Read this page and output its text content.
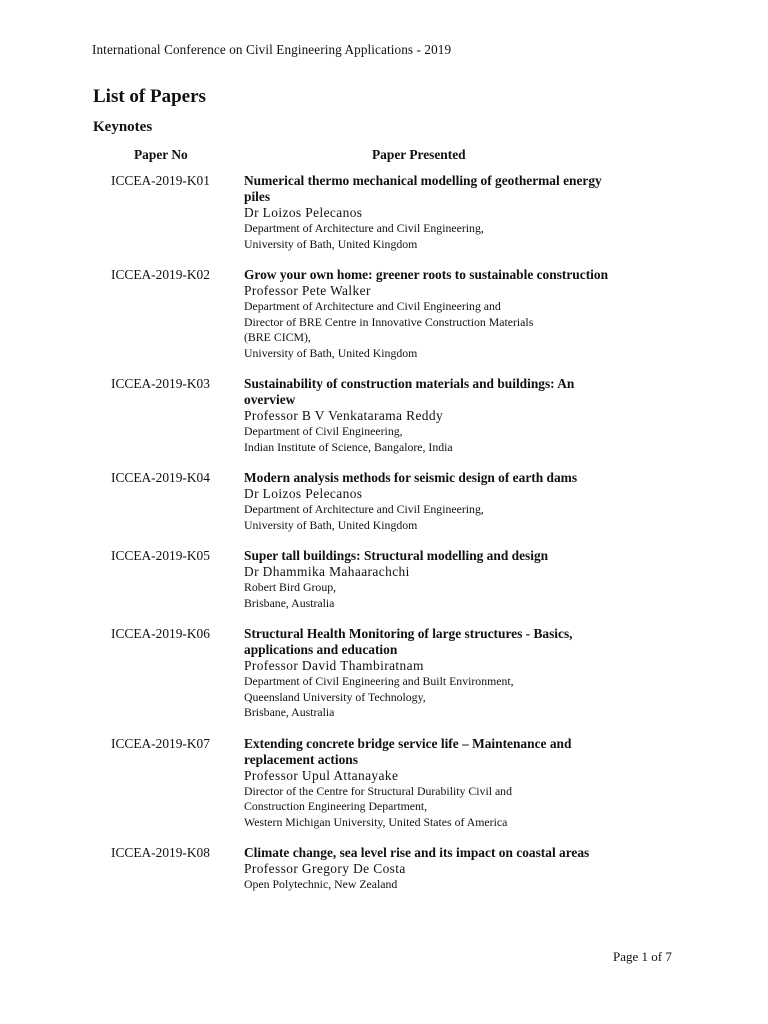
International Conference on Civil Engineering Applications - 2019
List of Papers
Keynotes
Paper No	Paper Presented
ICCEA-2019-K01	Numerical thermo mechanical modelling of geothermal energy piles
Dr Loizos Pelecanos
Department of Architecture and Civil Engineering,
University of Bath, United Kingdom
ICCEA-2019-K02	Grow your own home: greener roots to sustainable construction
Professor Pete Walker
Department of Architecture and Civil Engineering and
Director of BRE Centre in Innovative Construction Materials
(BRE CICM),
University of Bath, United Kingdom
ICCEA-2019-K03	Sustainability of construction materials and buildings: An overview
Professor B V Venkatarama Reddy
Department of Civil Engineering,
Indian Institute of Science, Bangalore, India
ICCEA-2019-K04	Modern analysis methods for seismic design of earth dams
Dr Loizos Pelecanos
Department of Architecture and Civil Engineering,
University of Bath, United Kingdom
ICCEA-2019-K05	Super tall buildings: Structural modelling and design
Dr Dhammika Mahaarachchi
Robert Bird Group,
Brisbane, Australia
ICCEA-2019-K06	Structural Health Monitoring of large structures - Basics, applications and education
Professor David Thambiratnam
Department of Civil Engineering and Built Environment,
Queensland University of Technology,
Brisbane, Australia
ICCEA-2019-K07	Extending concrete bridge service life – Maintenance and replacement actions
Professor Upul Attanayake
Director of the Centre for Structural Durability Civil and
Construction Engineering Department,
Western Michigan University, United States of America
ICCEA-2019-K08	Climate change, sea level rise and its impact on coastal areas
Professor Gregory De Costa
Open Polytechnic, New Zealand
Page 1 of 7
